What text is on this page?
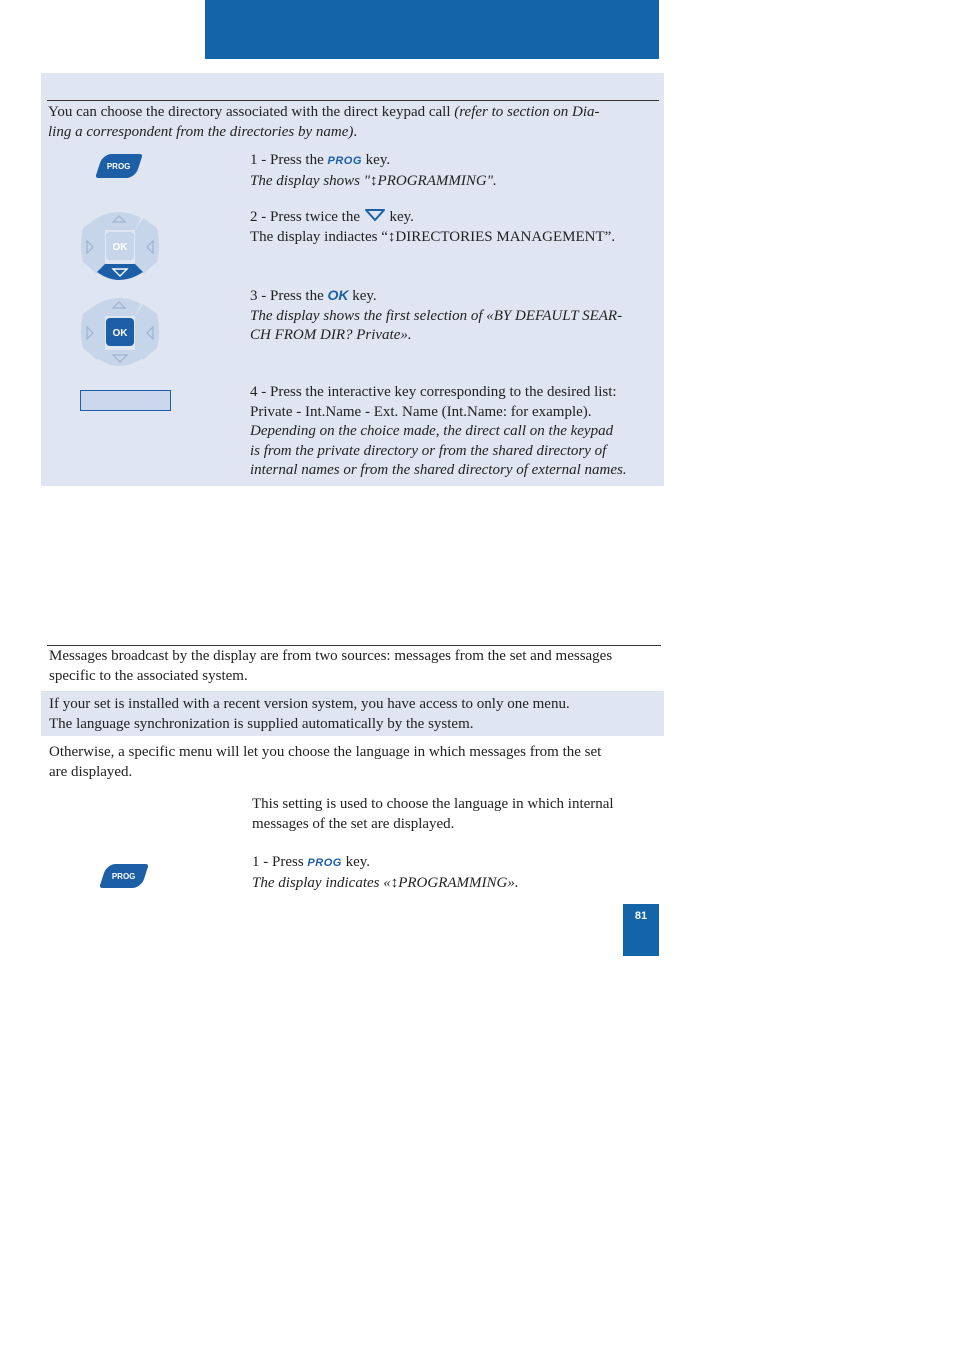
You can choose the directory associated with the direct keypad call (refer to section on Dia-
ling a correspondent from the directories by name).
PROG	1 - Press the PROG key.
The display shows "↕PROGRAMMING".
OK
2 - Press twice the  key.
The display indiactes “↕DIRECTORIES MANAGEMENT”.
OK
3 - Press the OK key.
The display shows the first selection of «BY DEFAULT SEAR-
CH FROM DIR? Private».
4 - Press the interactive key corresponding to the desired list:
Private - Int.Name - Ext. Name (Int.Name: for example).
Depending on the choice made, the direct call on the keypad
is from the private directory or from the shared directory of
internal names or from the shared directory of external names.
Messages broadcast by the display are from two sources: messages from the set and messages
specific to the associated system.
If your set is installed with a recent version system, you have access to only one menu.
The language synchronization is supplied automatically by the system.
Otherwise, a specific menu will let you choose the language in which messages from the set
are displayed.
This setting is used to choose the language in which internal
messages of the set are displayed.
PROG
1 - Press PROG key.
The display indicates «↕PROGRAMMING».
81
